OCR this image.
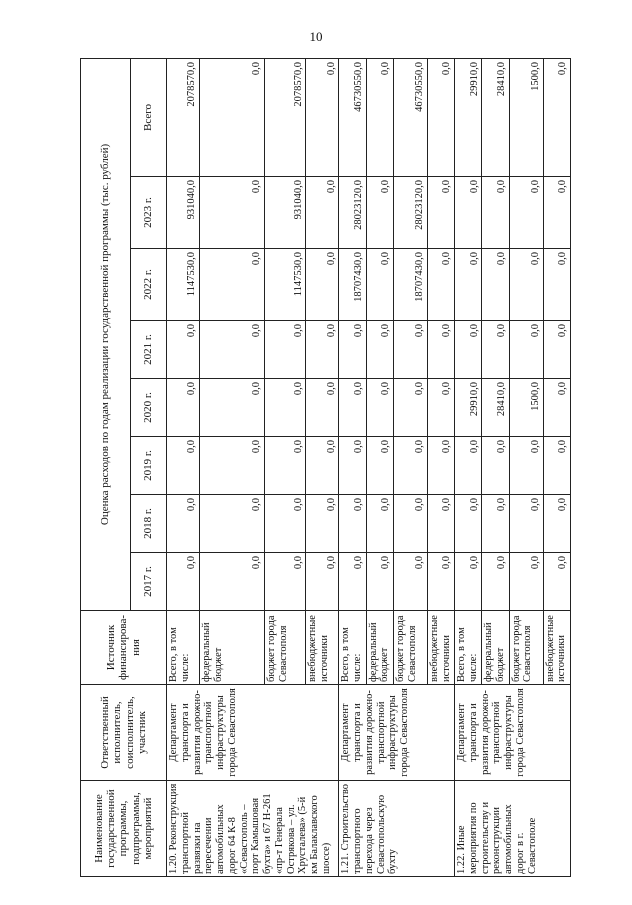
10
Наименование государственной программы, подпрограммы, мероприятий	Ответственный исполнитель, соисполнитель, участник	Источник финансирова-ния	Оценка расходов по годам реализации государственной программы (тыс. рублей)							
			2017 г.	2018 г.	2019 г.	2020 г.	2021 г.	2022 г.	2023 г.	Всего
1.20. Реконструкция транспортной развязки на пересечении автомобильных дорог 64 К-8 «Севастополь – порт Камышовая бухта» и 67 Н-261 «пр-т Генерала Острякова – ул. Хрусталева» (5-й км Балаклавского шоссе)	Департамент транспорта и развития дорожно-транспортной инфраструктуры города Севастополя	Всего, в том числе:	0,0	0,0	0,0	0,0	0,0	1147530,0	931040,0	2078570,0
		федеральный бюджет	0,0	0,0	0,0	0,0	0,0	0,0	0,0	0,0
		бюджет города Севастополя	0,0	0,0	0,0	0,0	0,0	1147530,0	931040,0	2078570,0
		внебюджетные источники	0,0	0,0	0,0	0,0	0,0	0,0	0,0	0,0
1.21. Строительство транспортного перехода через Севастопольскую бухту	Департамент транспорта и развития дорожно-транспортной инфраструктуры города Севастополя	Всего, в том числе:	0,0	0,0	0,0	0,0	0,0	18707430,0	28023120,0	46730550,0
		федеральный бюджет	0,0	0,0	0,0	0,0	0,0	0,0	0,0	0,0
		бюджет города Севастополя	0,0	0,0	0,0	0,0	0,0	18707430,0	28023120,0	46730550,0
		внебюджетные источники	0,0	0,0	0,0	0,0	0,0	0,0	0,0	0,0
1.22. Иные мероприятия по строительству и реконструкции автомобильных дорог в г. Севастополе	Департамент транспорта и развития дорожно-транспортной инфраструктуры города Севастополя	Всего, в том числе:	0,0	0,0	0,0	29910,0	0,0	0,0	0,0	29910,0
		федеральный бюджет	0,0	0,0	0,0	28410,0	0,0	0,0	0,0	28410,0
		бюджет города Севастополя	0,0	0,0	0,0	1500,0	0,0	0,0	0,0	1500,0
		внебюджетные источники	0,0	0,0	0,0	0,0	0,0	0,0	0,0	0,0
